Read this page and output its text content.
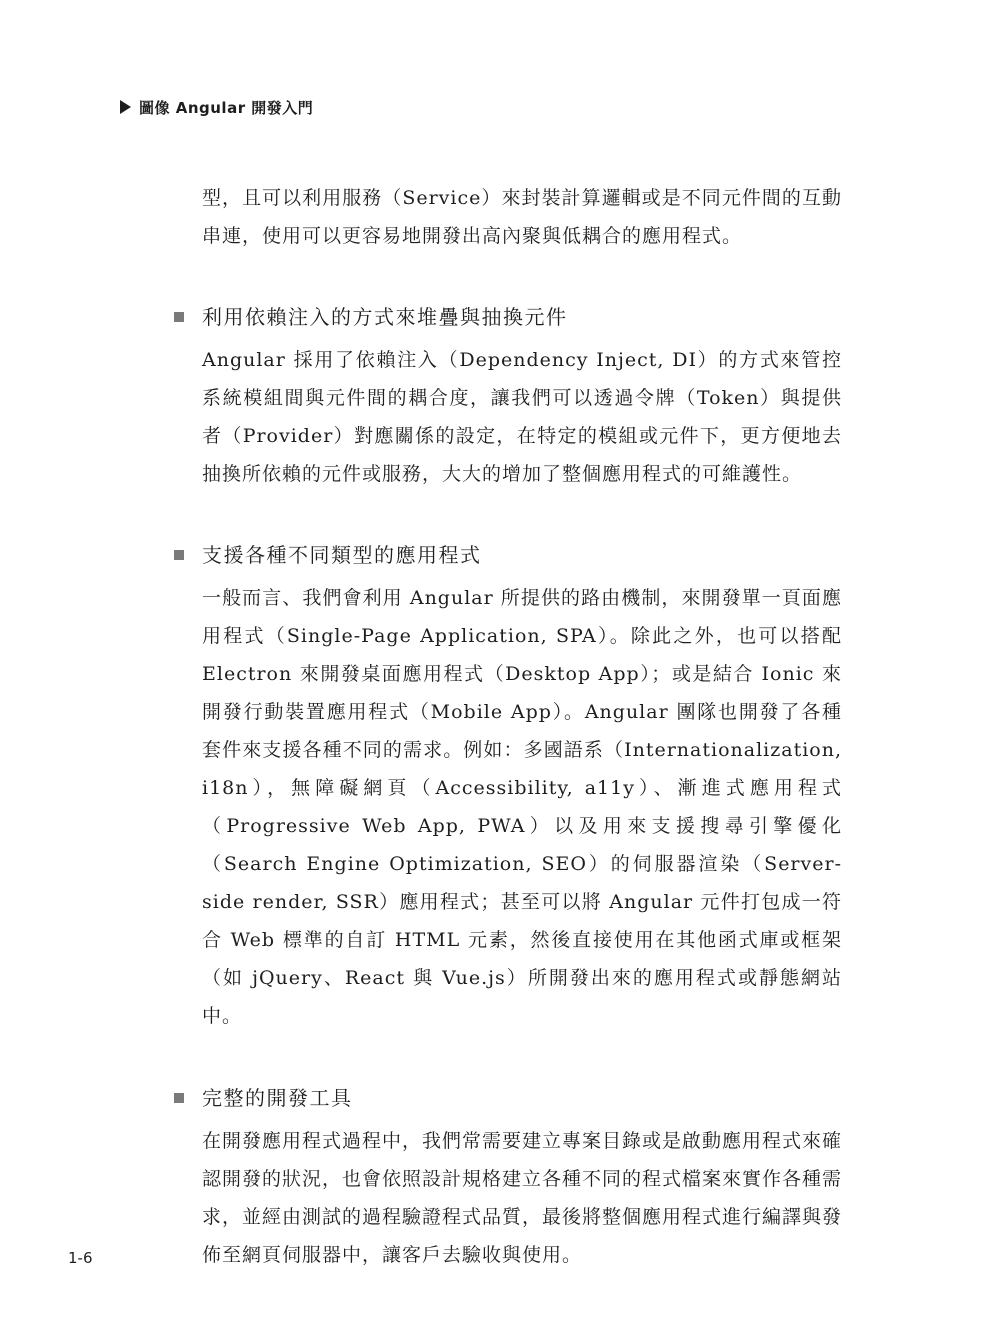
圖像 Angular 開發入門

型，且可以利用服務（Service）來封裝計算邏輯或是不同元件間的互動串連，使用可以更容易地開發出高內聚與低耦合的應用程式。

利用依賴注入的方式來堆疊與抽換元件

Angular 採用了依賴注入（Dependency Inject, DI）的方式來管控系統模組間與元件間的耦合度，讓我們可以透過令牌（Token）與提供者（Provider）對應關係的設定，在特定的模組或元件下，更方便地去抽換所依賴的元件或服務，大大的增加了整個應用程式的可維護性。

支援各種不同類型的應用程式

一般而言、我們會利用 Angular 所提供的路由機制，來開發單一頁面應用程式（Single-Page Application, SPA）。除此之外，也可以搭配 Electron 來開發桌面應用程式（Desktop App）；或是結合 Ionic 來開發行動裝置應用程式（Mobile App）。Angular 團隊也開發了各種套件來支援各種不同的需求。例如：多國語系（Internationalization, i18n），無障礙網頁（Accessibility, a11y）、漸進式應用程式（Progressive Web App, PWA）以及用來支援搜尋引擎優化（Search Engine Optimization, SEO）的伺服器渲染（Server-side render, SSR）應用程式；甚至可以將 Angular 元件打包成一符合 Web 標準的自訂 HTML 元素，然後直接使用在其他函式庫或框架（如 jQuery、React 與 Vue.js）所開發出來的應用程式或靜態網站中。

完整的開發工具

在開發應用程式過程中，我們常需要建立專案目錄或是啟動應用程式來確認開發的狀況，也會依照設計規格建立各種不同的程式檔案來實作各種需求，並經由測試的過程驗證程式品質，最後將整個應用程式進行編譯與發佈至網頁伺服器中，讓客戶去驗收與使用。

1-6
